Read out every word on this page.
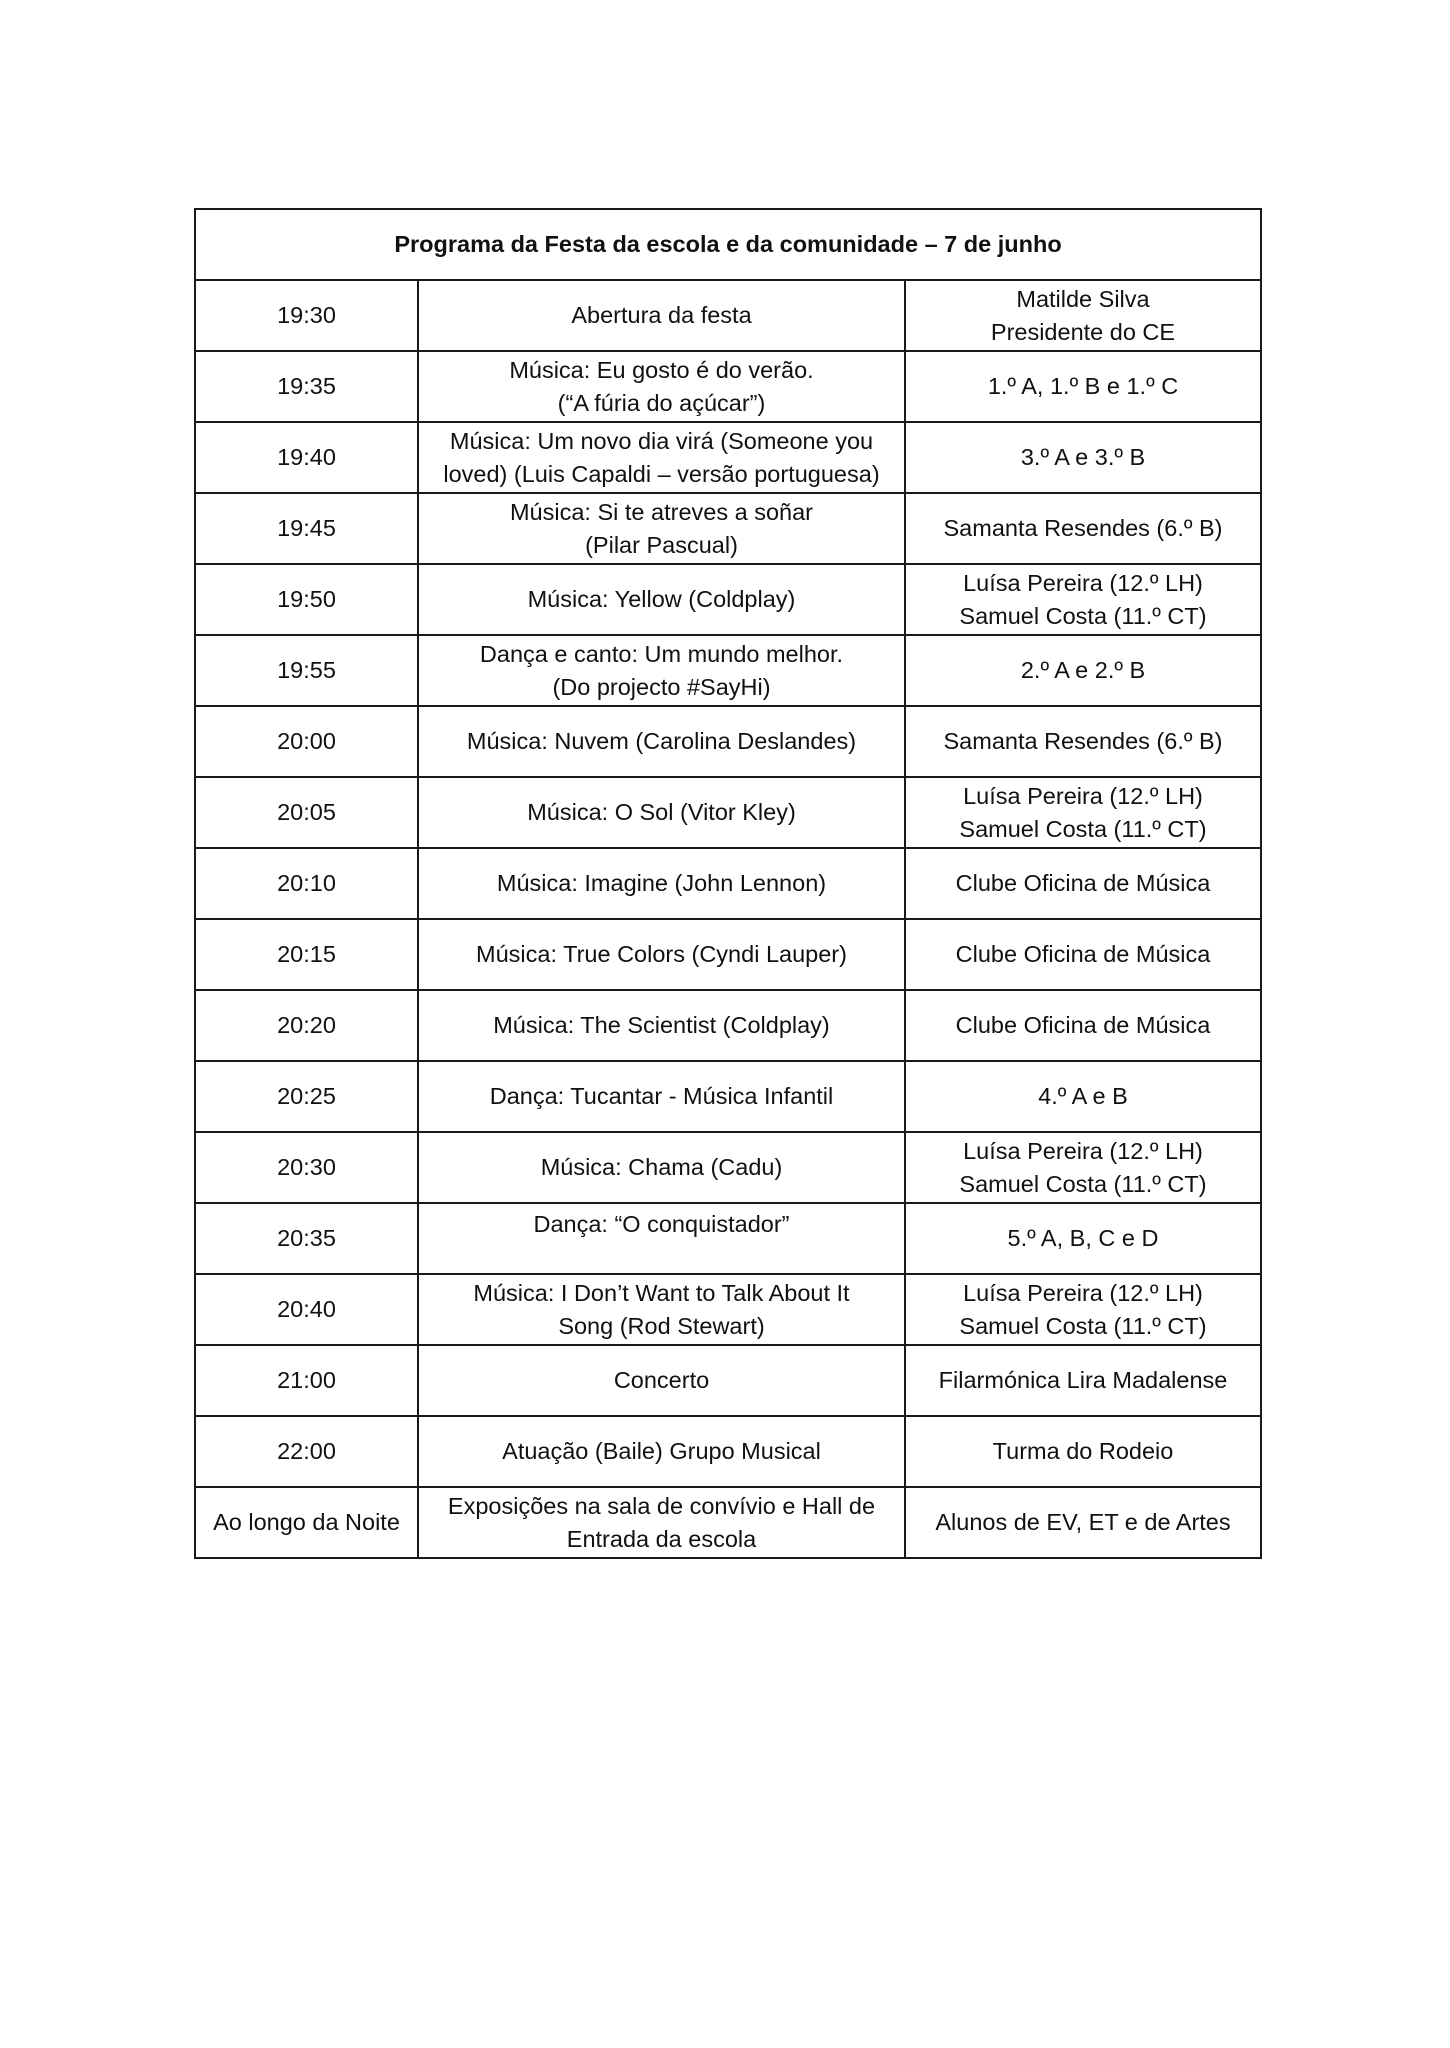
Programa da Festa da escola e da comunidade – 7 de junho		
19:30	Abertura da festa	Matilde Silva
Presidente do CE
19:35	Música: Eu gosto é do verão.
(“A fúria do açúcar”)	1.º A, 1.º B e 1.º C
19:40	Música: Um novo dia virá (Someone you
loved) (Luis Capaldi – versão portuguesa)	3.º A e 3.º B
19:45	Música: Si te atreves a soñar
(Pilar Pascual)	Samanta Resendes (6.º B)
19:50	Música: Yellow (Coldplay)	Luísa Pereira (12.º LH)
Samuel Costa (11.º CT)
19:55	Dança e canto: Um mundo melhor.
(Do projecto #SayHi)	2.º A e 2.º B
20:00	Música: Nuvem (Carolina Deslandes)	Samanta Resendes (6.º B)
20:05	Música: O Sol (Vitor Kley)	Luísa Pereira (12.º LH)
Samuel Costa (11.º CT)
20:10	Música: Imagine (John Lennon)	Clube Oficina de Música
20:15	Música: True Colors (Cyndi Lauper)	Clube Oficina de Música
20:20	Música: The Scientist (Coldplay)	Clube Oficina de Música
20:25	Dança: Tucantar - Música Infantil	4.º A e B
20:30	Música: Chama (Cadu)	Luísa Pereira (12.º LH)
Samuel Costa (11.º CT)
20:35	Dança: “O conquistador”	5.º A, B, C e D
20:40	Música: I Don’t Want to Talk About It
Song (Rod Stewart)	Luísa Pereira (12.º LH)
Samuel Costa (11.º CT)
21:00	Concerto	Filarmónica Lira Madalense
22:00	Atuação (Baile) Grupo Musical	Turma do Rodeio
Ao longo da Noite	Exposições na sala de convívio e Hall de
Entrada da escola	Alunos de EV, ET e de Artes
